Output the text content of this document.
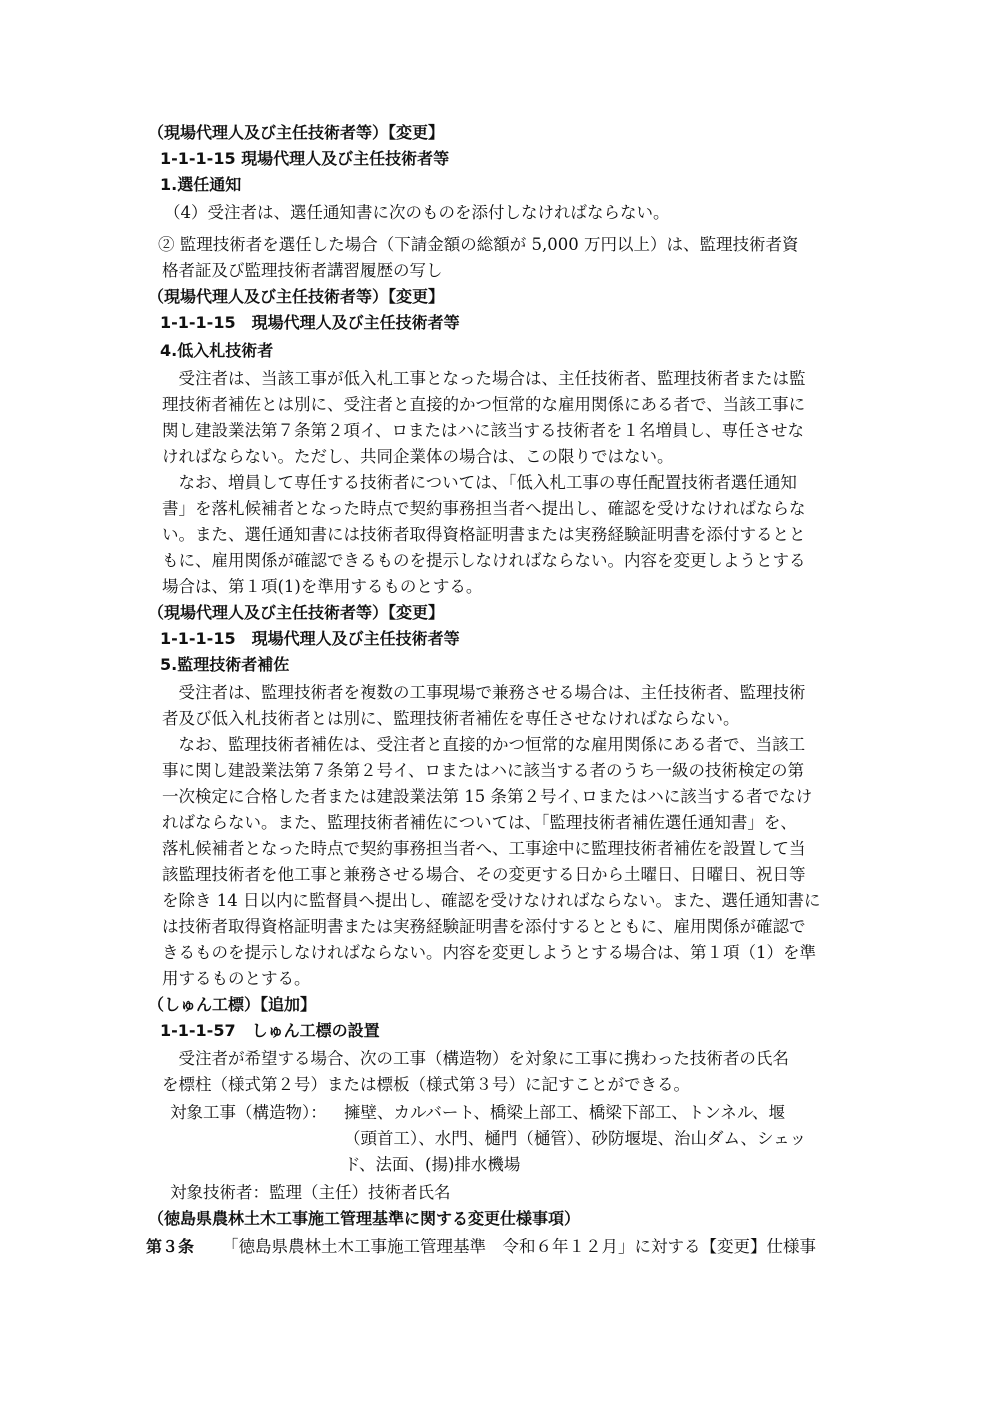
（現場代理人及び主任技術者等）【変更】
1-1-1-15 現場代理人及び主任技術者等
1.選任通知
（4）受注者は、選任通知書に次のものを添付しなければならない。
② 監理技術者を選任した場合（下請金額の総額が 5,000 万円以上）は、監理技術者資
格者証及び監理技術者講習履歴の写し
（現場代理人及び主任技術者等）【変更】
1-1-1-15　現場代理人及び主任技術者等
4.低入札技術者
　受注者は、当該工事が低入札工事となった場合は、主任技術者、監理技術者または監
理技術者補佐とは別に、受注者と直接的かつ恒常的な雇用関係にある者で、当該工事に
関し建設業法第７条第２項イ、ロまたはハに該当する技術者を１名増員し、専任させな
ければならない。ただし、共同企業体の場合は、この限りではない。
　なお、増員して専任する技術者については、「低入札工事の専任配置技術者選任通知
書」を落札候補者となった時点で契約事務担当者へ提出し、確認を受けなければならな
い。また、選任通知書には技術者取得資格証明書または実務経験証明書を添付するとと
もに、雇用関係が確認できるものを提示しなければならない。内容を変更しようとする
場合は、第１項(1)を準用するものとする。
（現場代理人及び主任技術者等）【変更】
1-1-1-15　現場代理人及び主任技術者等
5.監理技術者補佐
　受注者は、監理技術者を複数の工事現場で兼務させる場合は、主任技術者、監理技術
者及び低入札技術者とは別に、監理技術者補佐を専任させなければならない。
　なお、監理技術者補佐は、受注者と直接的かつ恒常的な雇用関係にある者で、当該工
事に関し建設業法第７条第２号イ、ロまたはハに該当する者のうち一級の技術検定の第
一次検定に合格した者または建設業法第 15 条第２号イ､ロまたはハに該当する者でなけ
ればならない。また、監理技術者補佐については、「監理技術者補佐選任通知書」を、
落札候補者となった時点で契約事務担当者へ、工事途中に監理技術者補佐を設置して当
該監理技術者を他工事と兼務させる場合、その変更する日から土曜日、日曜日、祝日等
を除き 14 日以内に監督員へ提出し、確認を受けなければならない。また、選任通知書に
は技術者取得資格証明書または実務経験証明書を添付するとともに、雇用関係が確認で
きるものを提示しなければならない。内容を変更しようとする場合は、第１項（1）を準
用するものとする。
（しゅん工標）【追加】
1-1-1-57　しゅん工標の設置
　受注者が希望する場合、次の工事（構造物）を対象に工事に携わった技術者の氏名
を標柱（様式第２号）または標板（様式第３号）に記すことができる。
対象工事（構造物）： 擁壁、カルバート、橋梁上部工、橋梁下部工、トンネル、堰
（頭首工）、水門、樋門（樋管）、砂防堰堤、治山ダム、シェッ
ド、法面、(揚)排水機場
対象技術者：監理（主任）技術者氏名
（徳島県農林土木工事施工管理基準に関する変更仕様事項）
第３条 「徳島県農林土木工事施工管理基準　令和６年１２月」に対する【変更】仕様事
